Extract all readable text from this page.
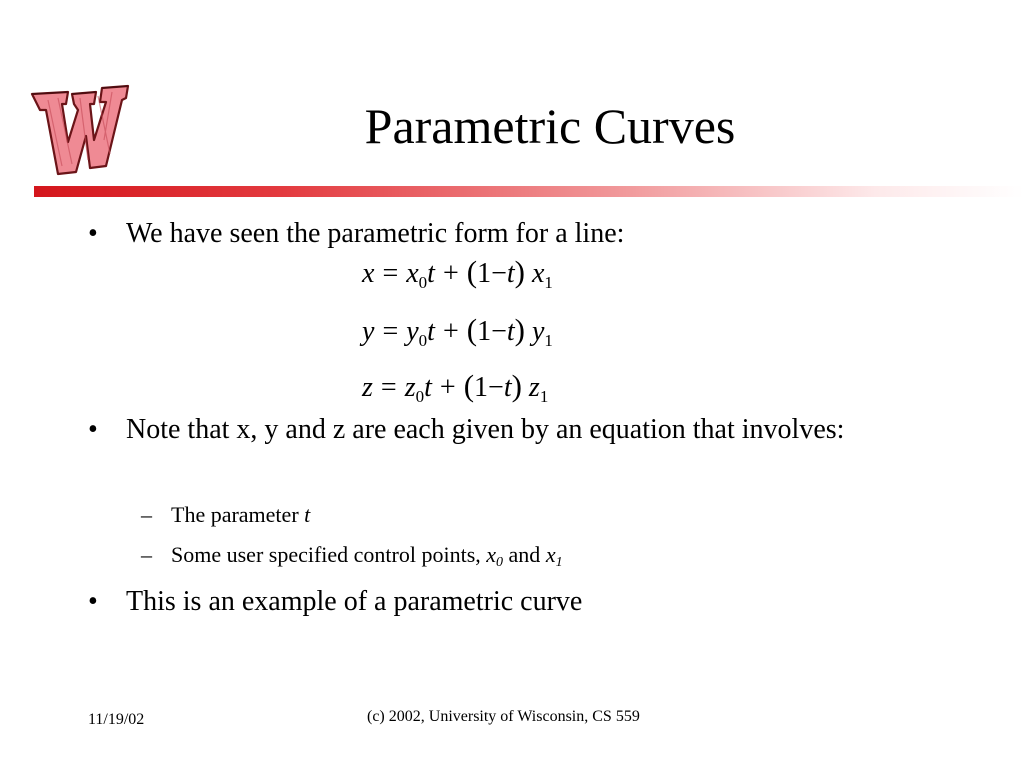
Parametric Curves
• We have seen the parametric form for a line:
$x = x_0t + (1-t)$ $x_1$
$y = y_0t + (1-t)$ $y_1$
$z = z_0t + (1-t)$ $z_1$
• Note that x, y and z are each given by an equation that involves:
– The parameter t
– Some user specified control points, $x_0$ and $x_1$
• This is an example of a parametric curve
11/19/02	(c) 2002, University of Wisconsin, CS 559
